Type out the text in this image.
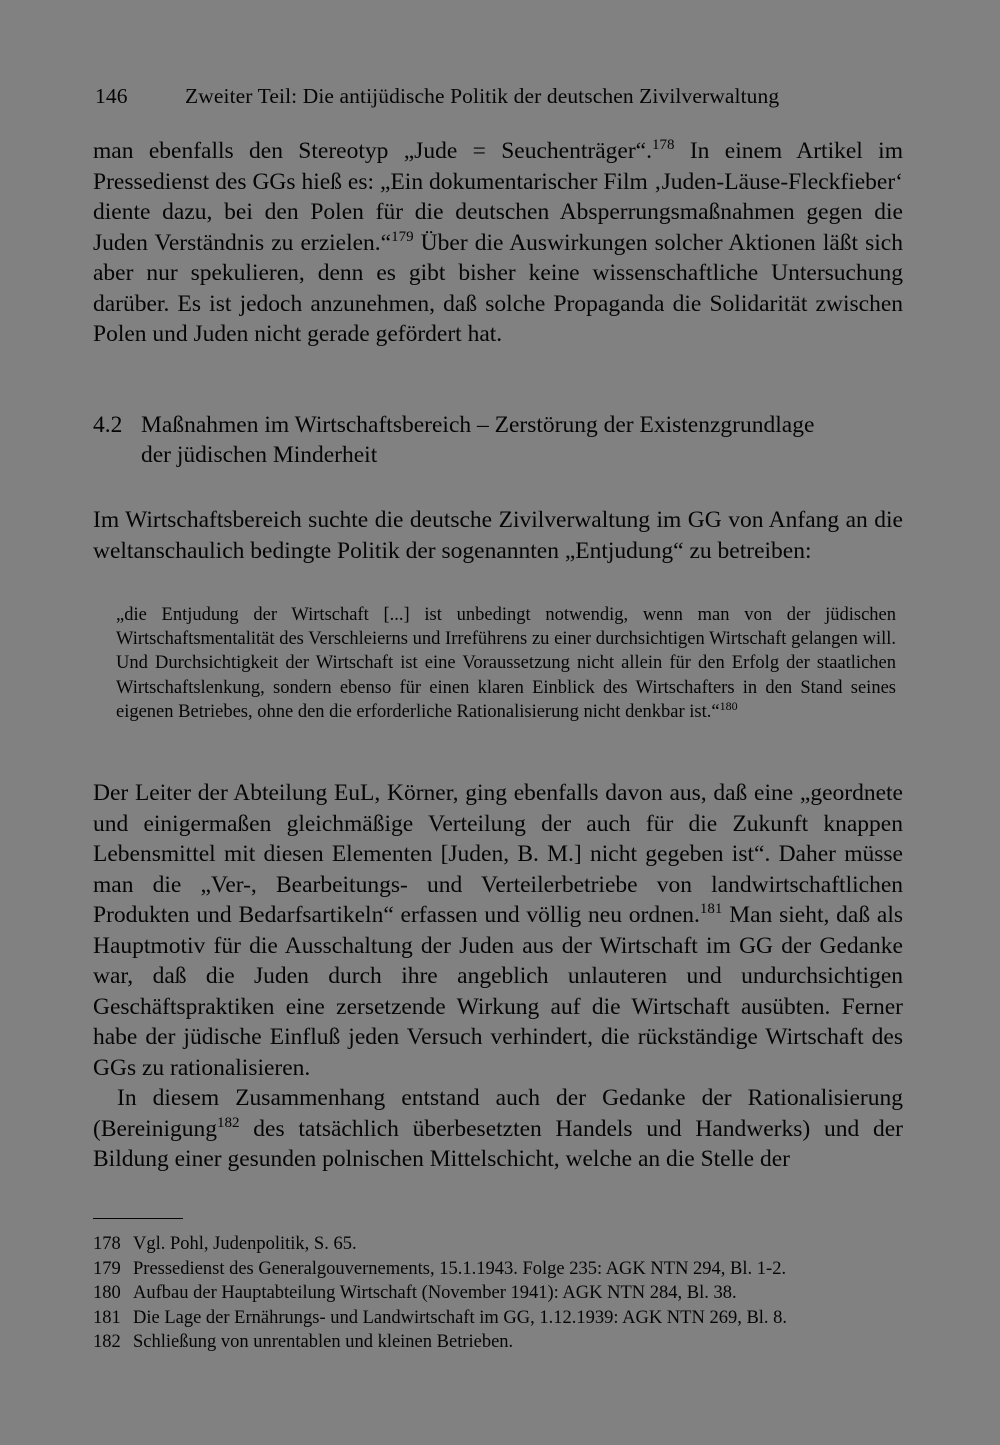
146	Zweiter Teil: Die antijüdische Politik der deutschen Zivilverwaltung

man ebenfalls den Stereotyp „Jude = Seuchenträger“.$^{178}$ In einem Artikel im Pressedienst des GGs hieß es: „Ein dokumentarischer Film ‚Juden-Läuse-Fleckfieber‘ diente dazu, bei den Polen für die deutschen Absperrungsmaßnahmen gegen die Juden Verständnis zu erzielen.“$^{179}$ Über die Auswirkungen solcher Aktionen läßt sich aber nur spekulieren, denn es gibt bisher keine wissenschaftliche Untersuchung darüber. Es ist jedoch anzunehmen, daß solche Propaganda die Solidarität zwischen Polen und Juden nicht gerade gefördert hat.

4.2 Maßnahmen im Wirtschaftsbereich – Zerstörung der Existenzgrundlage
der jüdischen Minderheit

Im Wirtschaftsbereich suchte die deutsche Zivilverwaltung im GG von Anfang an die weltanschaulich bedingte Politik der sogenannten „Entjudung“ zu betreiben:

„die Entjudung der Wirtschaft [...] ist unbedingt notwendig, wenn man von der jüdischen Wirtschaftsmentalität des Verschleierns und Irreführens zu einer durchsichtigen Wirtschaft gelangen will. Und Durchsichtigkeit der Wirtschaft ist eine Voraussetzung nicht allein für den Erfolg der staatlichen Wirtschaftslenkung, sondern ebenso für einen klaren Einblick des Wirtschafters in den Stand seines eigenen Betriebes, ohne den die erforderliche Rationalisierung nicht denkbar ist.“$^{180}$

Der Leiter der Abteilung EuL, Körner, ging ebenfalls davon aus, daß eine „geordnete und einigermaßen gleichmäßige Verteilung der auch für die Zukunft knappen Lebensmittel mit diesen Elementen [Juden, B. M.] nicht gegeben ist“. Daher müsse man die „Ver-, Bearbeitungs- und Verteilerbetriebe von landwirtschaftlichen Produkten und Bedarfsartikeln“ erfassen und völlig neu ordnen.$^{181}$ Man sieht, daß als Hauptmotiv für die Ausschaltung der Juden aus der Wirtschaft im GG der Gedanke war, daß die Juden durch ihre angeblich unlauteren und undurchsichtigen Geschäftspraktiken eine zersetzende Wirkung auf die Wirtschaft ausübten. Ferner habe der jüdische Einfluß jeden Versuch verhindert, die rückständige Wirtschaft des GGs zu rationalisieren.

In diesem Zusammenhang entstand auch der Gedanke der Rationalisierung (Bereinigung$^{182}$ des tatsächlich überbesetzten Handels und Handwerks) und der Bildung einer gesunden polnischen Mittelschicht, welche an die Stelle der

178 Vgl. Pohl, Judenpolitik, S. 65.
179 Pressedienst des Generalgouvernements, 15.1.1943. Folge 235: AGK NTN 294, Bl. 1-2.
180 Aufbau der Hauptabteilung Wirtschaft (November 1941): AGK NTN 284, Bl. 38.
181 Die Lage der Ernährungs- und Landwirtschaft im GG, 1.12.1939: AGK NTN 269, Bl. 8.
182 Schließung von unrentablen und kleinen Betrieben.
